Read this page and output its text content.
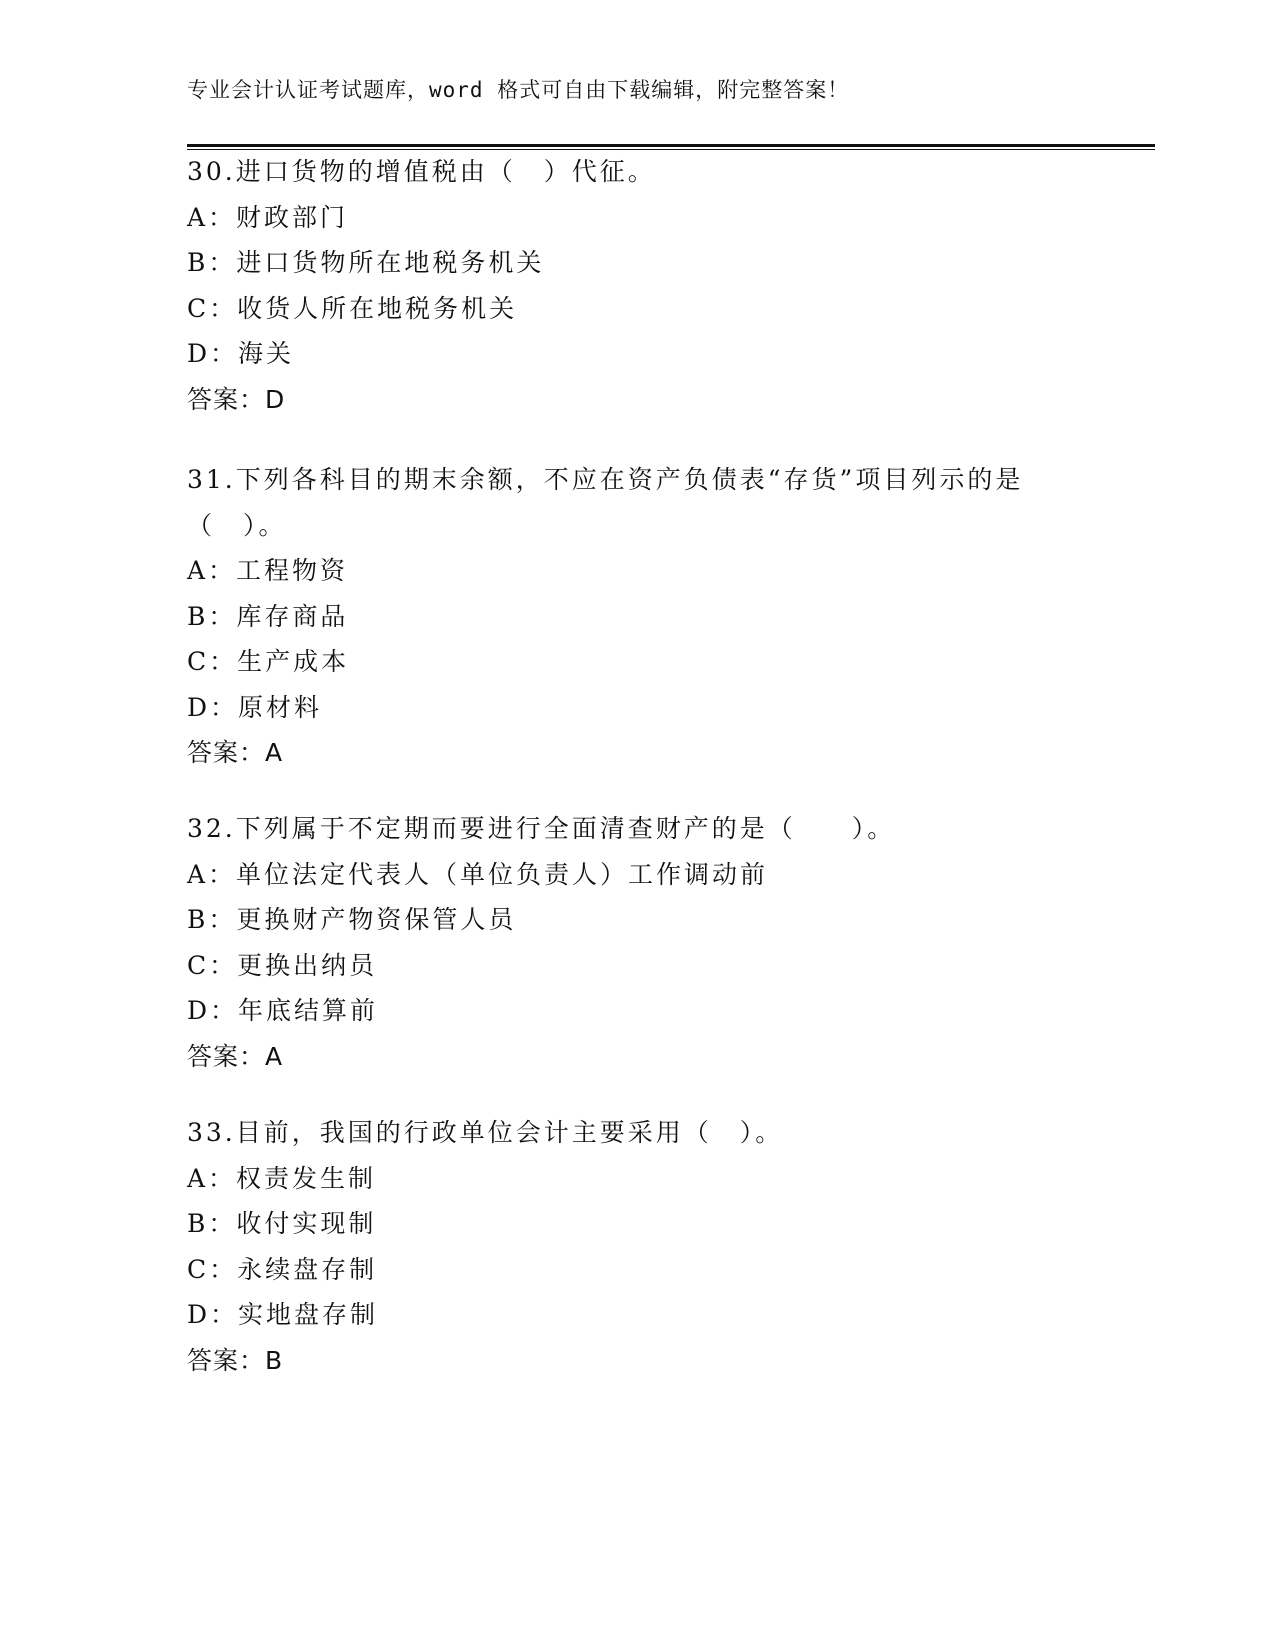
专业会计认证考试题库，word 格式可自由下载编辑，附完整答案！
30.进口货物的增值税由（　）代征。
A：财政部门
B：进口货物所在地税务机关
C：收货人所在地税务机关
D：海关
答案：D
31.下列各科目的期末余额，不应在资产负债表“存货”项目列示的是
（　）。
A：工程物资
B：库存商品
C：生产成本
D：原材料
答案：A
32.下列属于不定期而要进行全面清查财产的是（　　）。
A：单位法定代表人（单位负责人）工作调动前
B：更换财产物资保管人员
C：更换出纳员
D：年底结算前
答案：A
33.目前，我国的行政单位会计主要采用（　）。
A：权责发生制
B：收付实现制
C：永续盘存制
D：实地盘存制
答案：B
